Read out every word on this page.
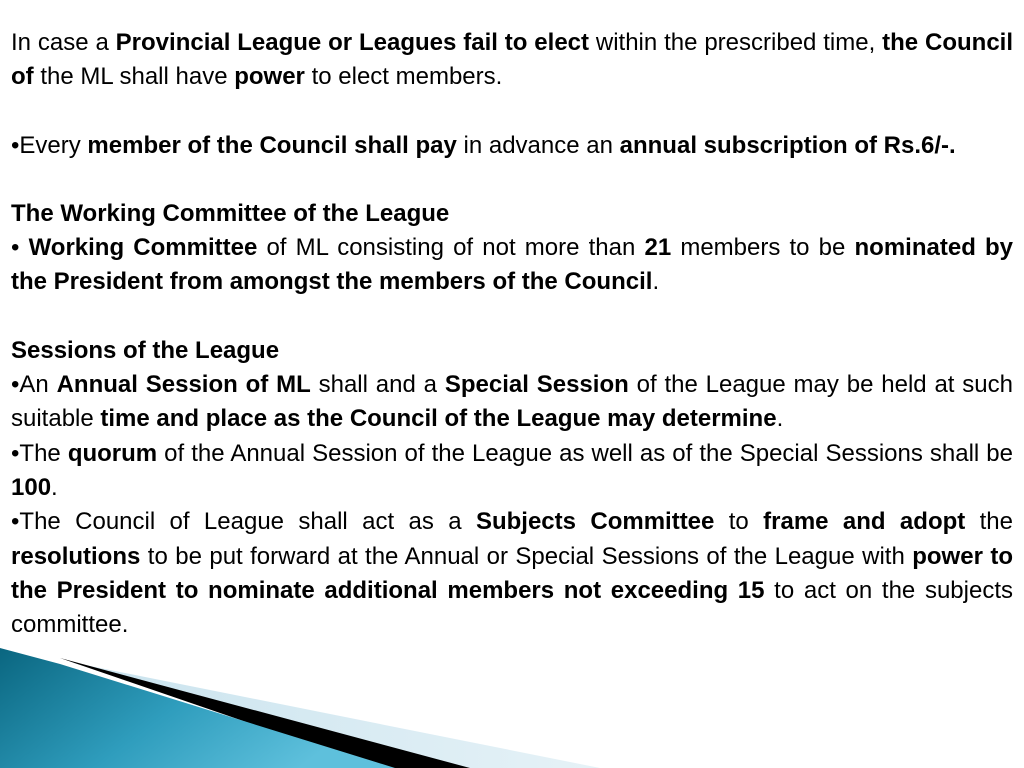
In case a Provincial League or Leagues fail to elect within the prescribed time, the Council of the ML shall have power to elect members.

•Every member of the Council shall pay in advance an annual subscription of Rs.6/-.

The Working Committee of the League

• Working Committee of ML consisting of not more than 21 members to be nominated by the President from amongst the members of the Council.

Sessions of the League

•An Annual Session of ML shall and a Special Session of the League may be held at such suitable time and place as the Council of the League may determine.

•The quorum of the Annual Session of the League as well as of the Special Sessions shall be 100.

•The Council of League shall act as a Subjects Committee to frame and adopt the resolutions to be put forward at the Annual or Special Sessions of the League with power to the President to nominate additional members not exceeding 15 to act on the subjects committee.
